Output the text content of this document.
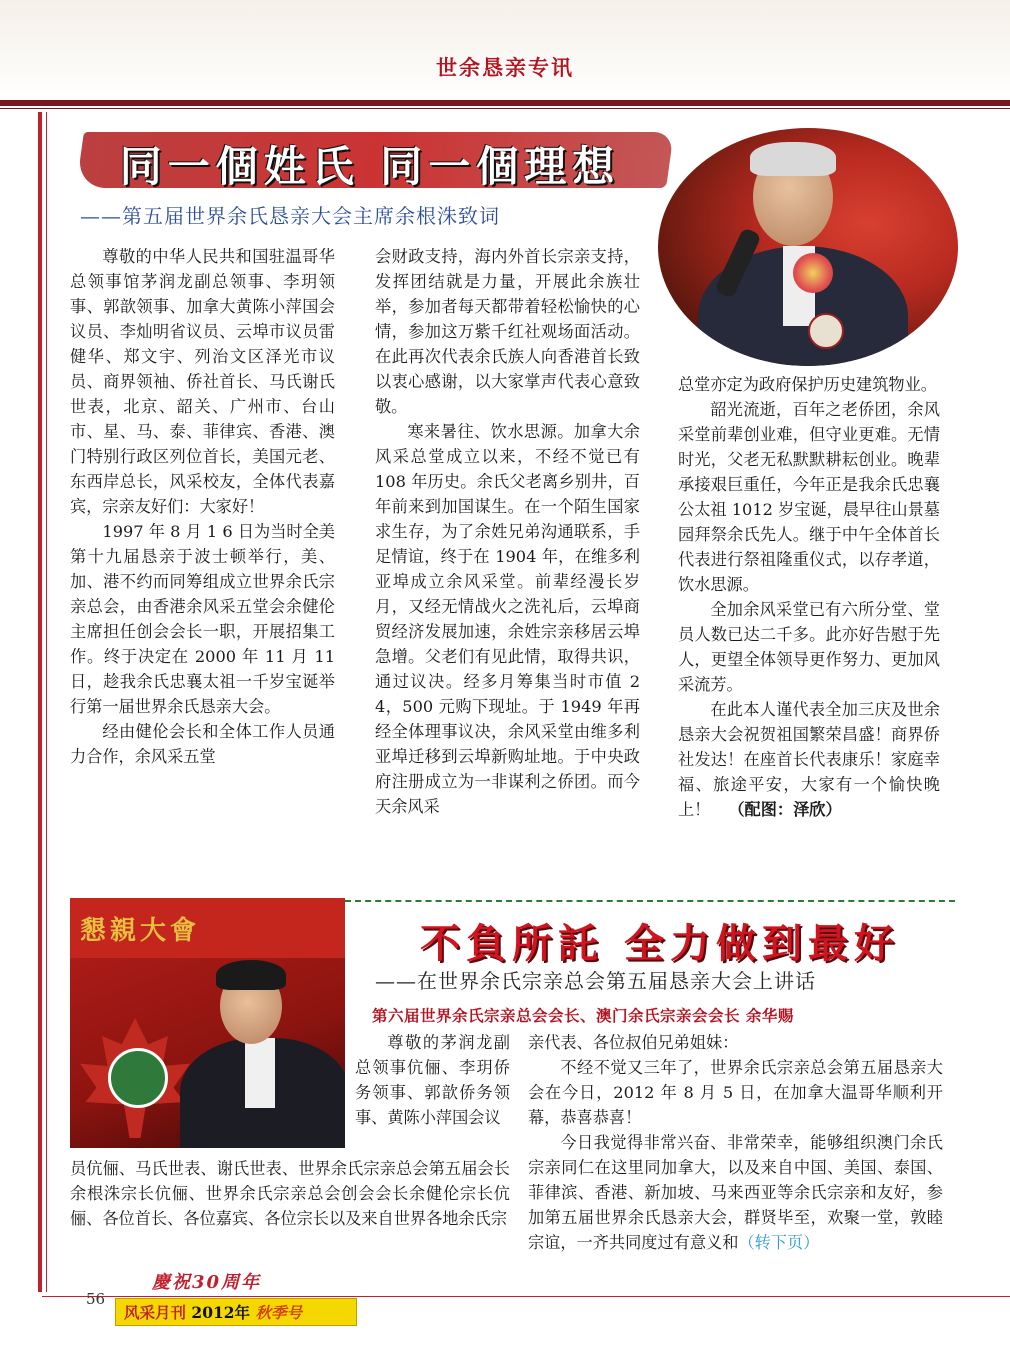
世余恳亲专讯
同一個姓氏 同一個理想
——第五届世界余氏恳亲大会主席余根洙致词

尊敬的中华人民共和国驻温哥华总领事馆茅润龙副总领事、李玥领事、郭歆领事、加拿大黄陈小萍国会议员、李灿明省议员、云埠市议员雷健华、郑文宇、列治文区泽光市议员、商界领袖、侨社首长、马氏谢氏世表，北京、韶关、广州市、台山市、星、马、泰、菲律宾、香港、澳门特别行政区列位首长，美国元老、东西岸总长，风采校友，全体代表嘉宾，宗亲友好们：大家好！

1997 年 8 月 1 6 日为当时全美第十九届恳亲于波士顿举行，美、加、港不约而同筹组成立世界余氏宗亲总会，由香港余风采五堂会余健伦主席担任创会会长一职，开展招集工作。终于决定在 2000 年 11 月 11 日，趁我余氏忠襄太祖一千岁宝诞举行第一届世界余氏恳亲大会。

经由健伦会长和全体工作人员通力合作，余风采五堂

会财政支持，海内外首长宗亲支持，发挥团结就是力量，开展此余族壮举，参加者每天都带着轻松愉快的心情，参加这万紫千红社观场面活动。在此再次代表余氏族人向香港首长致以衷心感谢，以大家掌声代表心意致敬。

寒来暑往、饮水思源。加拿大余风采总堂成立以来，不经不觉已有 108 年历史。余氏父老离乡别井，百年前来到加国谋生。在一个陌生国家求生存，为了余姓兄弟沟通联系，手足情谊，终于在 1904 年，在维多利亚埠成立余风采堂。前辈经漫长岁月，又经无情战火之洗礼后，云埠商贸经济发展加速，余姓宗亲移居云埠急增。父老们有见此情，取得共识，通过议决。经多月筹集当时市值 2 4，500 元购下现址。于 1949 年再经全体理事议决，余风采堂由维多利亚埠迁移到云埠新购址地。于中央政府注册成立为一非谋利之侨团。而今天余风采

总堂亦定为政府保护历史建筑物业。

韶光流逝，百年之老侨团，余风采堂前辈创业难，但守业更难。无情时光，父老无私默默耕耘创业。晚辈承接艰巨重任，今年正是我余氏忠襄公太祖 1012 岁宝诞，晨早往山景墓园拜祭余氏先人。继于中午全体首长代表进行祭祖隆重仪式，以存孝道，饮水思源。

全加余风采堂已有六所分堂、堂员人数已达二千多。此亦好告慰于先人，更望全体领导更作努力、更加风采流芳。

在此本人谨代表全加三庆及世余恳亲大会祝贺祖国繁荣昌盛！商界侨社发达！在座首长代表康乐！家庭幸福、旅途平安，大家有一个愉快晚上！ （配图：泽欣）

懇親大會	不負所託 全力做到最好
——在世界余氏宗亲总会第五届恳亲大会上讲话
第六届世界余氏宗亲总会会长、澳门余氏宗亲会会长 余华赐

尊敬的茅润龙副总领事伉俪、李玥侨务领事、郭歆侨务领事、黄陈小萍国会议

员伉俪、马氏世表、谢氏世表、世界余氏宗亲总会第五届会长余根洙宗长伉俪、世界余氏宗亲总会创会会长余健伦宗长伉俪、各位首长、各位嘉宾、各位宗长以及来自世界各地余氏宗

亲代表、各位叔伯兄弟姐妹：

不经不觉又三年了，世界余氏宗亲总会第五届恳亲大会在今日，2012 年 8 月 5 日，在加拿大温哥华顺利开幕，恭喜恭喜！

今日我觉得非常兴奋、非常荣幸，能够组织澳门余氏宗亲同仁在这里同加拿大，以及来自中国、美国、泰国、菲律滨、香港、新加坡、马来西亚等余氏宗亲和友好，参加第五届世界余氏恳亲大会，群贤毕至，欢聚一堂，敦睦宗谊，一齐共同度过有意义和（转下页）

56
慶祝30周年
风采月刊 2012年 秋季号
